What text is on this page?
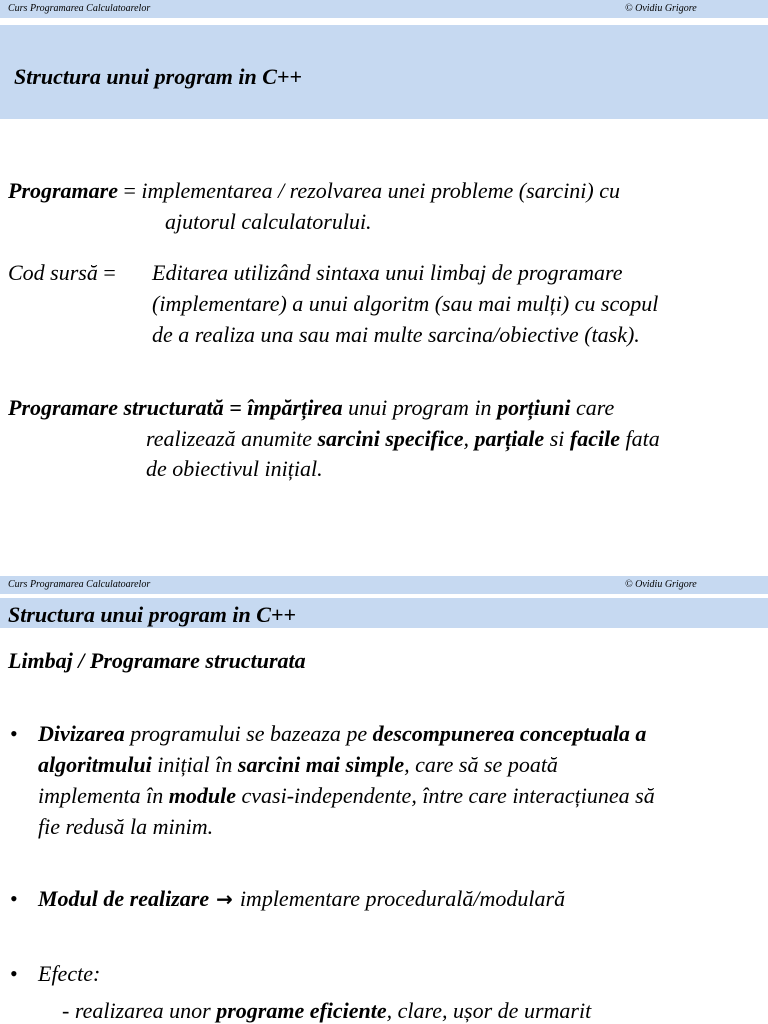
Curs Programarea Calculatoarelor	© Ovidiu Grigore
Structura unui program in C++
Programare = implementarea / rezolvarea unei probleme (sarcini) cu
ajutorul calculatorului.
Cod sursă = Editarea utilizând sintaxa unui limbaj de programare
(implementare) a unui algoritm (sau mai mulți) cu scopul
de a realiza una sau mai multe sarcina/obiective (task).
Programare structurată = împărțirea unui program in porțiuni care
realizează anumite sarcini specifice, parțiale si facile fata
de obiectivul inițial.
Curs Programarea Calculatoarelor	© Ovidiu Grigore
Structura unui program in C++
Limbaj / Programare structurata
• Divizarea programului se bazeaza pe descompunerea conceptuala a
algoritmului inițial în sarcini mai simple, care să se poată
implementa în module cvasi-independente, între care interacțiunea să
fie redusă la minim.
• Modul de realizare → implementare procedurală/modulară
• Efecte:
- realizarea unor programe eficiente, clare, ușor de urmarit
